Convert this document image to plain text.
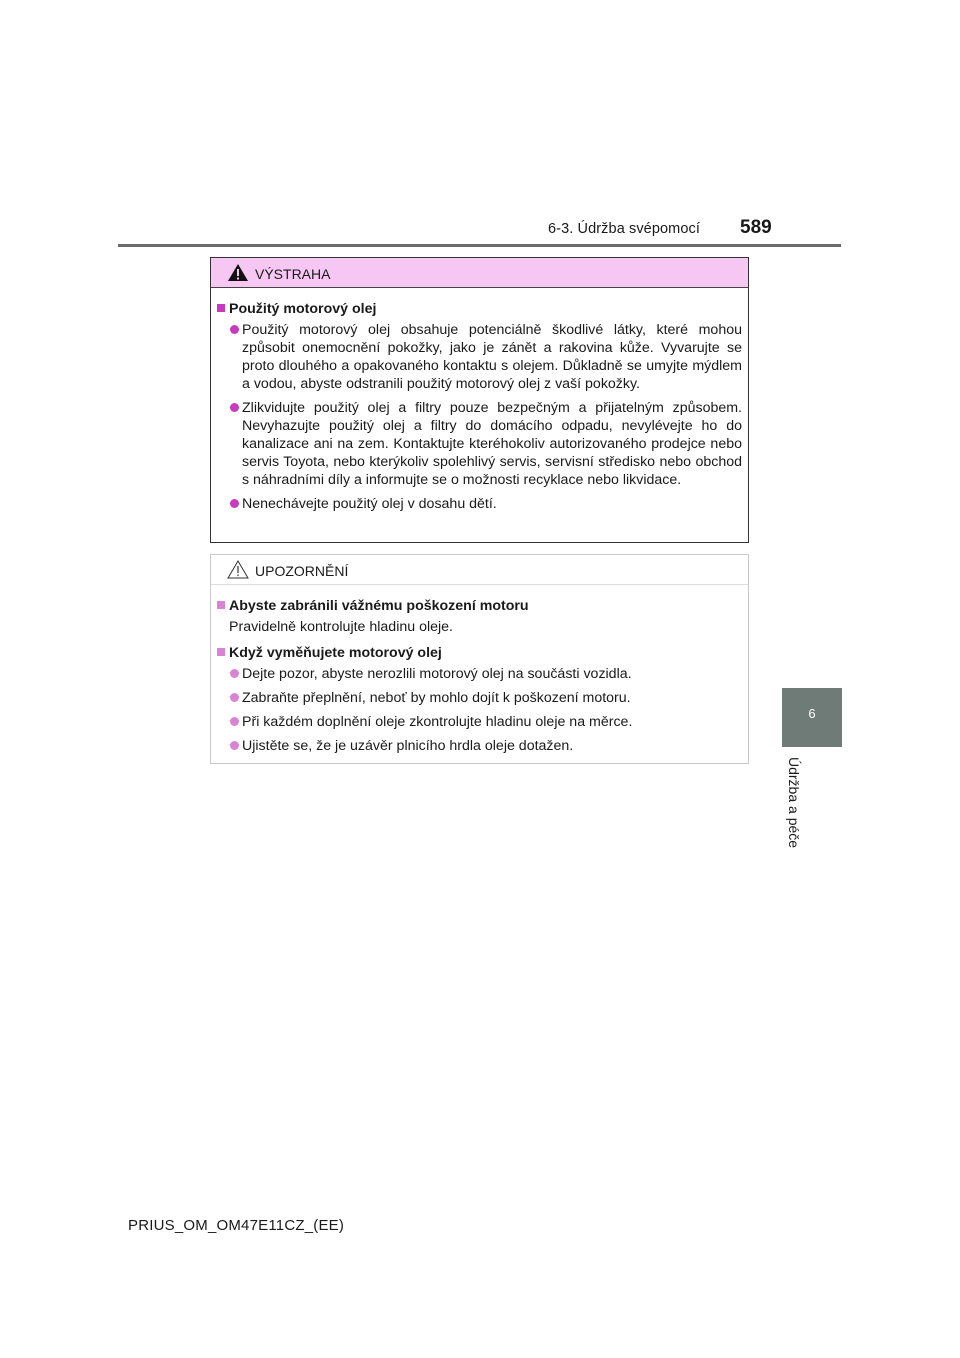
6-3. Údržba svépomocí 589
6
Údržba a péče
VÝSTRAHA
Použitý motorový olej
Použitý motorový olej obsahuje potenciálně škodlivé látky, které mohou způsobit onemocnění pokožky, jako je zánět a rakovina kůže. Vyvarujte se proto dlouhého a opakovaného kontaktu s olejem. Důkladně se umyjte mýdlem a vodou, abyste odstranili použitý motorový olej z vaší pokožky.
Zlikvidujte použitý olej a filtry pouze bezpečným a přijatelným způsobem. Nevyhazujte použitý olej a filtry do domácího odpadu, nevylévejte ho do kanalizace ani na zem. Kontaktujte kteréhokoliv autorizovaného prodejce nebo servis Toyota, nebo kterýkoliv spolehlivý servis, servisní středisko nebo obchod s náhradními díly a informujte se o možnosti recyklace nebo likvidace.
Nenechávejte použitý olej v dosahu dětí.
UPOZORNĚNÍ
Abyste zabránili vážnému poškození motoru
Pravidelně kontrolujte hladinu oleje.
Když vyměňujete motorový olej
Dejte pozor, abyste nerozlili motorový olej na součásti vozidla.
Zabraňte přeplnění, neboť by mohlo dojít k poškození motoru.
Při každém doplnění oleje zkontrolujte hladinu oleje na měrce.
Ujistěte se, že je uzávěr plnicího hrdla oleje dotažen.
PRIUS_OM_OM47E11CZ_(EE)
